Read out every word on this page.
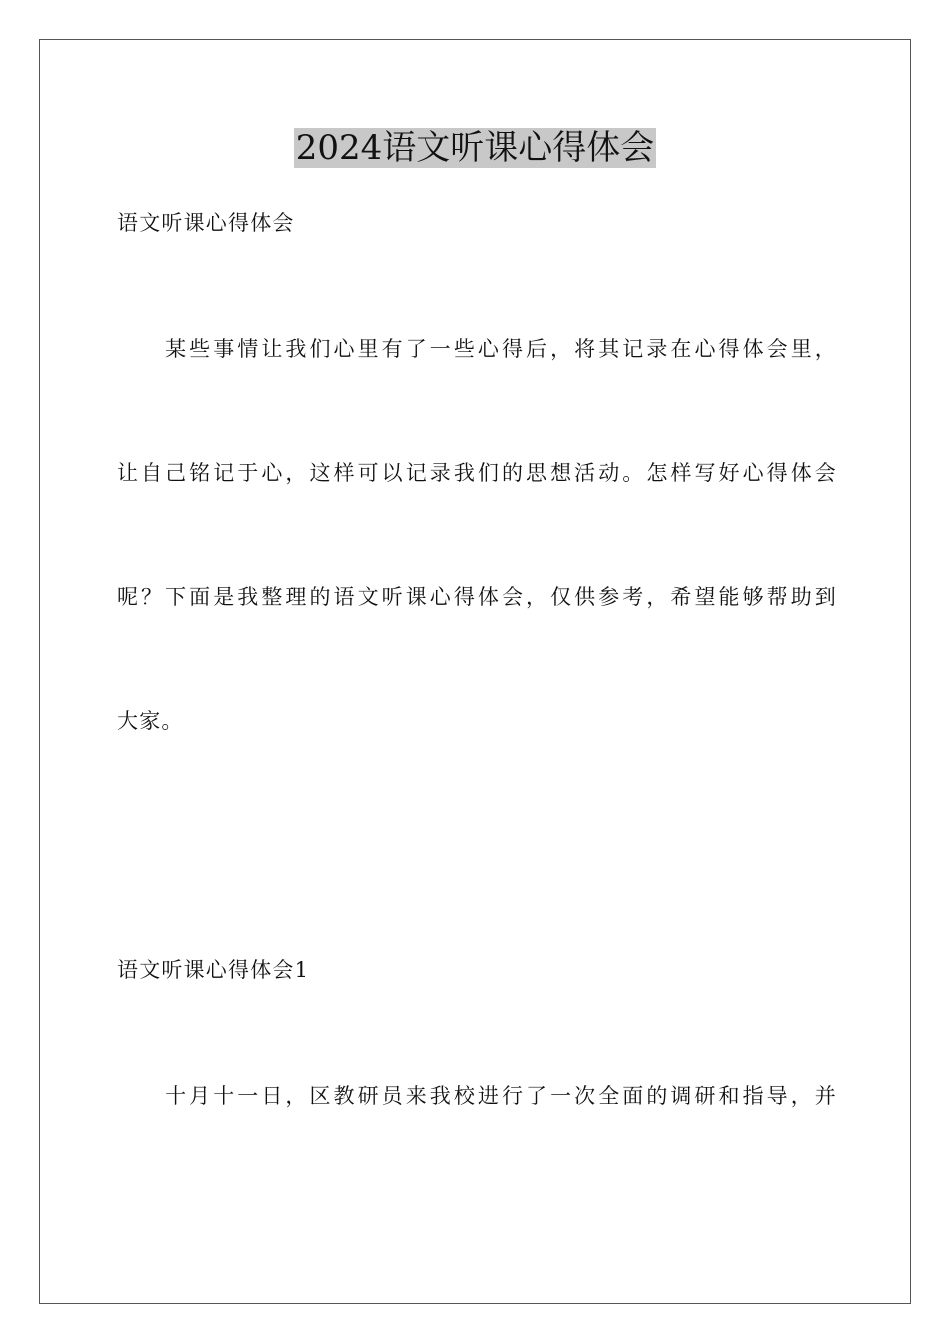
2024语文听课心得体会

语文听课心得体会

　　某些事情让我们心里有了一些心得后，将其记录在心得体会里，

让自己铭记于心，这样可以记录我们的思想活动。怎样写好心得体会

呢？下面是我整理的语文听课心得体会，仅供参考，希望能够帮助到

大家。

语文听课心得体会1

　　十月十一日，区教研员来我校进行了一次全面的调研和指导，并
